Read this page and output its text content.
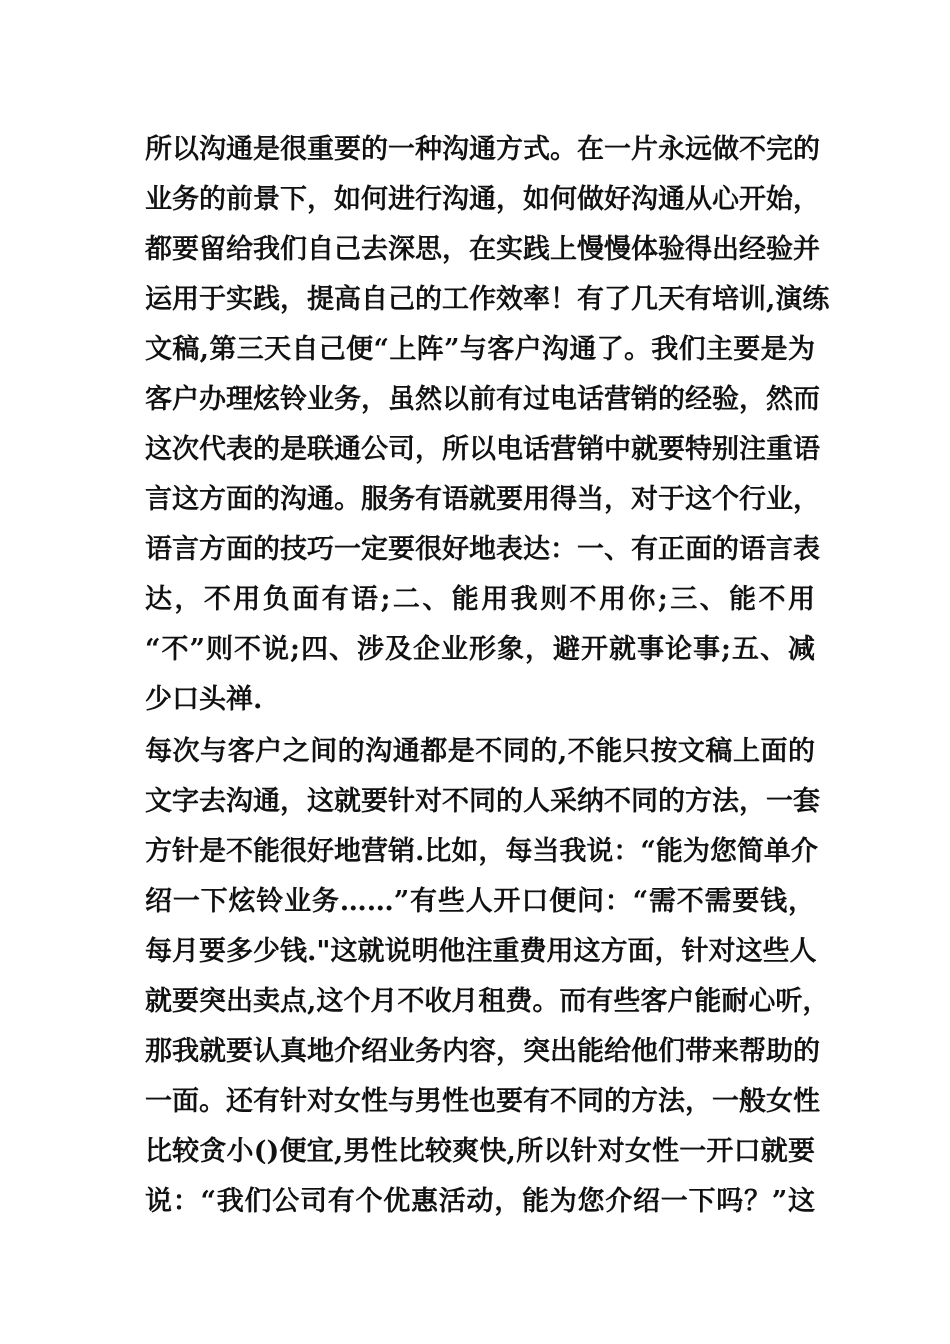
所以沟通是很重要的一种沟通方式。在一片永远做不完的
业务的前景下，如何进行沟通，如何做好沟通从心开始，
都要留给我们自己去深思，在实践上慢慢体验得出经验并
运用于实践，提高自己的工作效率！有了几天有培训,演练
文稿,第三天自己便“上阵”与客户沟通了。我们主要是为
客户办理炫铃业务，虽然以前有过电话营销的经验，然而
这次代表的是联通公司，所以电话营销中就要特别注重语
言这方面的沟通。服务有语就要用得当，对于这个行业，
语言方面的技巧一定要很好地表达：一、有正面的语言表
达，不用负面有语;二、能用我则不用你;三、能不用
“不”则不说;四、涉及企业形象，避开就事论事;五、减
少口头禅.
每次与客户之间的沟通都是不同的,不能只按文稿上面的
文字去沟通，这就要针对不同的人采纳不同的方法，一套
方针是不能很好地营销.比如，每当我说：“能为您简单介
绍一下炫铃业务……”有些人开口便问：“需不需要钱，
每月要多少钱."这就说明他注重费用这方面，针对这些人
就要突出卖点,这个月不收月租费。而有些客户能耐心听，
那我就要认真地介绍业务内容，突出能给他们带来帮助的
一面。还有针对女性与男性也要有不同的方法，一般女性
比较贪小()便宜,男性比较爽快,所以针对女性一开口就要
说：“我们公司有个优惠活动，能为您介绍一下吗？”这
